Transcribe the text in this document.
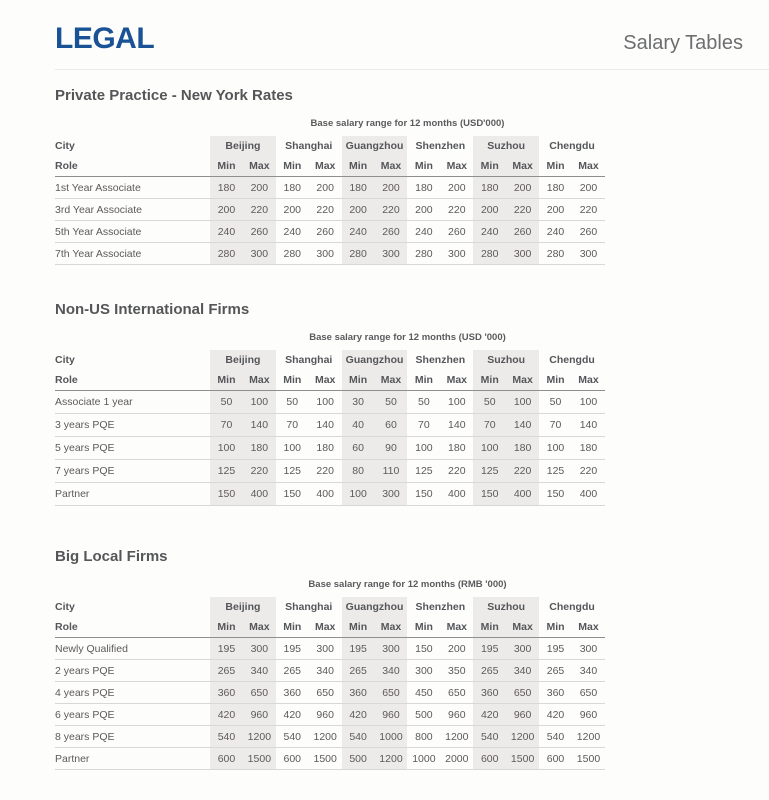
LEGAL	Salary Tables
Private Practice - New York Rates
Base salary range for 12 months (USD'000)
City	Beijing		Shanghai		Guangzhou		Shenzhen		Suzhou		Chengdu	
Role	Min	Max	Min	Max	Min	Max	Min	Max	Min	Max	Min	Max
1st Year Associate	180	200	180	200	180	200	180	200	180	200	180	200
3rd Year Associate	200	220	200	220	200	220	200	220	200	220	200	220
5th Year Associate	240	260	240	260	240	260	240	260	240	260	240	260
7th Year Associate	280	300	280	300	280	300	280	300	280	300	280	300
Non-US International Firms
Base salary range for 12 months (USD '000)
City	Beijing		Shanghai		Guangzhou		Shenzhen		Suzhou		Chengdu	
Role	Min	Max	Min	Max	Min	Max	Min	Max	Min	Max	Min	Max
Associate 1 year	50	100	50	100	30	50	50	100	50	100	50	100
3 years PQE	70	140	70	140	40	60	70	140	70	140	70	140
5 years PQE	100	180	100	180	60	90	100	180	100	180	100	180
7 years PQE	125	220	125	220	80	110	125	220	125	220	125	220
Partner	150	400	150	400	100	300	150	400	150	400	150	400
Big Local Firms
Base salary range for 12 months (RMB '000)
City	Beijing		Shanghai		Guangzhou		Shenzhen		Suzhou		Chengdu	
Role	Min	Max	Min	Max	Min	Max	Min	Max	Min	Max	Min	Max
Newly Qualified	195	300	195	300	195	300	150	200	195	300	195	300
2 years PQE	265	340	265	340	265	340	300	350	265	340	265	340
4 years PQE	360	650	360	650	360	650	450	650	360	650	360	650
6 years PQE	420	960	420	960	420	960	500	960	420	960	420	960
8 years PQE	540	1200	540	1200	540	1000	800	1200	540	1200	540	1200
Partner	600	1500	600	1500	500	1200	1000	2000	600	1500	600	1500
